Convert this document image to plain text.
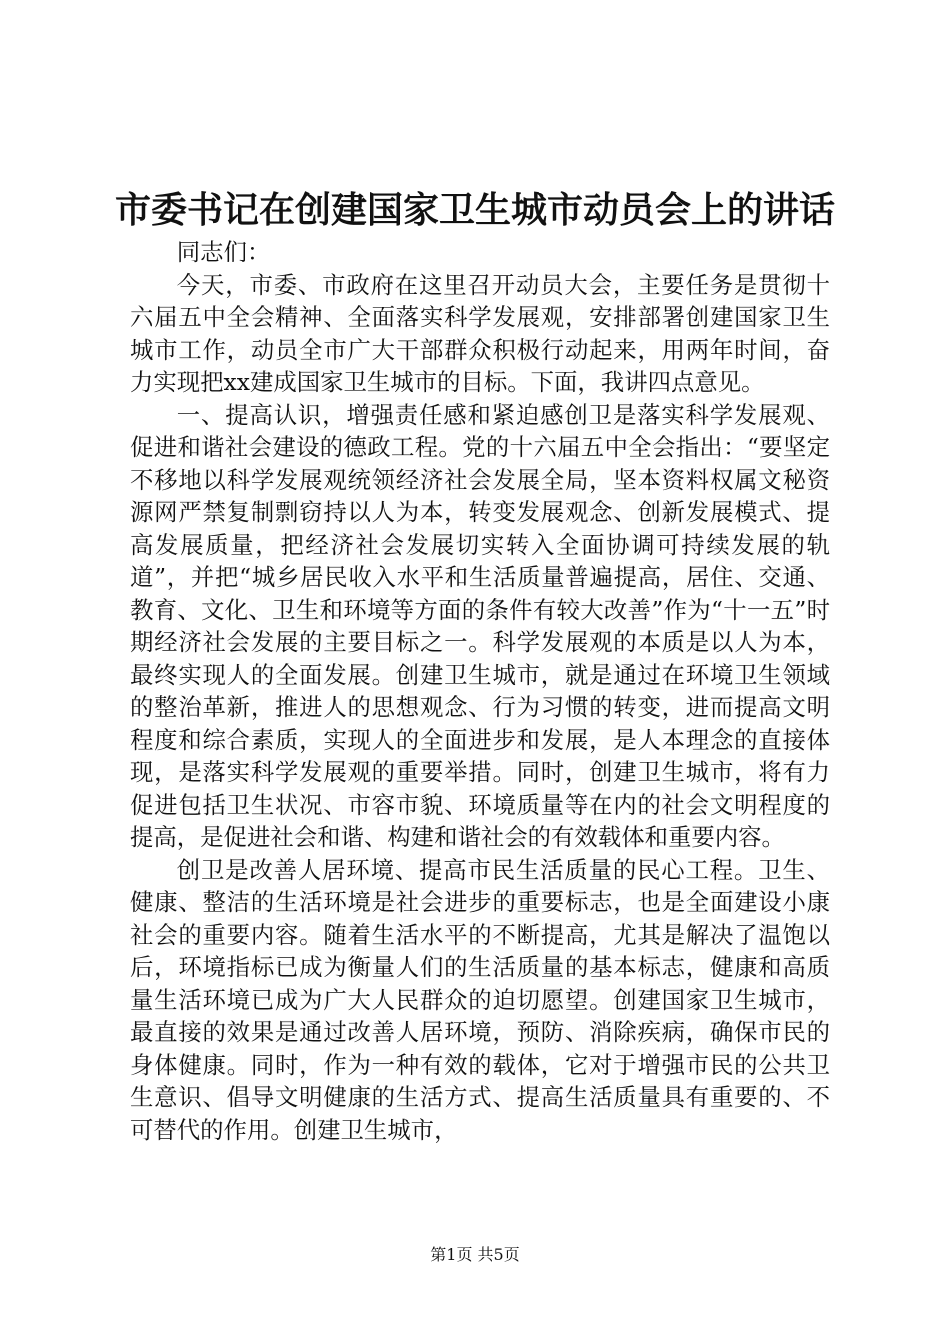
市委书记在创建国家卫生城市动员会上的讲话

同志们：

今天，市委、市政府在这里召开动员大会，主要任务是贯彻十六届五中全会精神、全面落实科学发展观，安排部署创建国家卫生城市工作，动员全市广大干部群众积极行动起来，用两年时间，奋力实现把xx建成国家卫生城市的目标。下面，我讲四点意见。

一、提高认识，增强责任感和紧迫感创卫是落实科学发展观、促进和谐社会建设的德政工程。党的十六届五中全会指出：“要坚定不移地以科学发展观统领经济社会发展全局，坚本资料权属文秘资源网严禁复制剽窃持以人为本，转变发展观念、创新发展模式、提高发展质量，把经济社会发展切实转入全面协调可持续发展的轨道”，并把“城乡居民收入水平和生活质量普遍提高，居住、交通、教育、文化、卫生和环境等方面的条件有较大改善”作为“十一五”时期经济社会发展的主要目标之一。科学发展观的本质是以人为本，最终实现人的全面发展。创建卫生城市，就是通过在环境卫生领域的整治革新，推进人的思想观念、行为习惯的转变，进而提高文明程度和综合素质，实现人的全面进步和发展，是人本理念的直接体现，是落实科学发展观的重要举措。同时，创建卫生城市，将有力促进包括卫生状况、市容市貌、环境质量等在内的社会文明程度的提高，是促进社会和谐、构建和谐社会的有效载体和重要内容。

创卫是改善人居环境、提高市民生活质量的民心工程。卫生、健康、整洁的生活环境是社会进步的重要标志，也是全面建设小康社会的重要内容。随着生活水平的不断提高，尤其是解决了温饱以后，环境指标已成为衡量人们的生活质量的基本标志，健康和高质量生活环境已成为广大人民群众的迫切愿望。创建国家卫生城市，最直接的效果是通过改善人居环境，预防、消除疾病，确保市民的身体健康。同时，作为一种有效的载体，它对于增强市民的公共卫生意识、倡导文明健康的生活方式、提高生活质量具有重要的、不可替代的作用。创建卫生城市，

第1页 共5页
